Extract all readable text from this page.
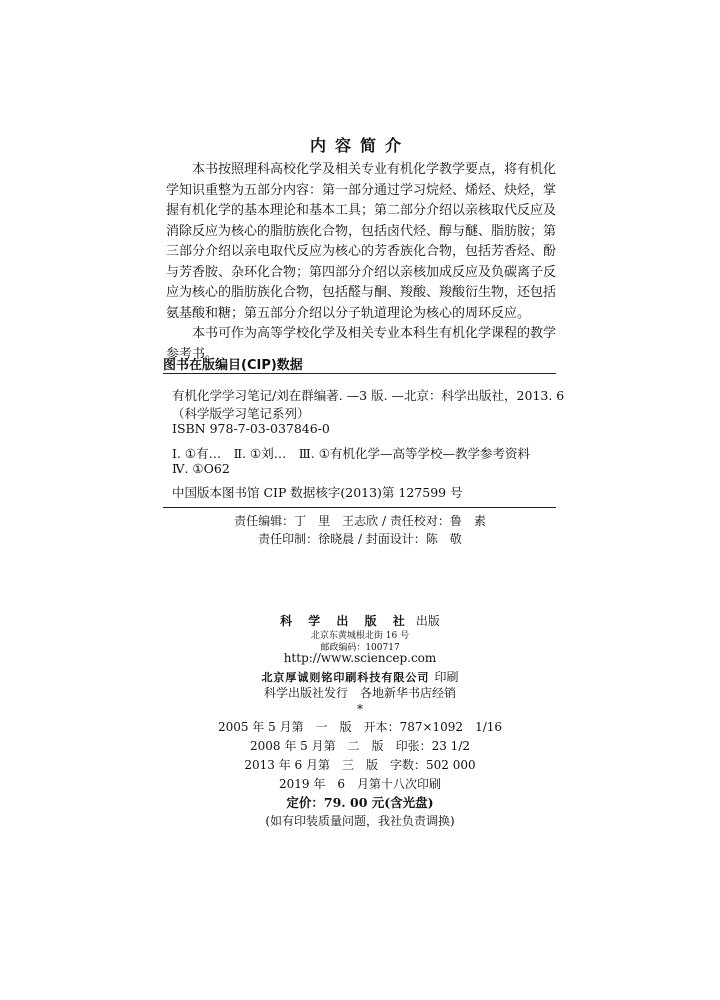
内容简介

本书按照理科高校化学及相关专业有机化学教学要点，将有机化学知识重整为五部分内容：第一部分通过学习烷烃、烯烃、炔烃，掌握有机化学的基本理论和基本工具；第二部分介绍以亲核取代反应及消除反应为核心的脂肪族化合物，包括卤代烃、醇与醚、脂肪胺；第三部分介绍以亲电取代反应为核心的芳香族化合物，包括芳香烃、酚与芳香胺、杂环化合物；第四部分介绍以亲核加成反应及负碳离子反应为核心的脂肪族化合物，包括醛与酮、羧酸、羧酸衍生物，还包括氨基酸和糖；第五部分介绍以分子轨道理论为核心的周环反应。

本书可作为高等学校化学及相关专业本科生有机化学课程的教学参考书。

图书在版编目(CIP)数据
有机化学学习笔记/刘在群编著. —3 版. —北京：科学出版社，2013. 6
（科学版学习笔记系列）
ISBN 978-7-03-037846-0
Ⅰ. ①有…　Ⅱ. ①刘…　Ⅲ. ①有机化学—高等学校—教学参考资料
Ⅳ. ①O62
中国版本图书馆 CIP 数据核字(2013)第 127599 号
责任编辑：丁　里　王志欣 / 责任校对：鲁　素
责任印制：徐晓晨 / 封面设计：陈　敬
科 学 出 版 社 出版
北京东黄城根北街 16 号
邮政编码：100717
http://www.sciencep.com
北京厚诚则铭印刷科技有限公司 印刷
科学出版社发行　各地新华书店经销
*
2005 年 5 月第　一　版　开本：787×1092　1/16
2008 年 5 月第　二　版　印张：23 1/2
2013 年 6 月第　三　版　字数：502 000
2019 年　6　月第十八次印刷
定价：79. 00 元(含光盘)
(如有印装质量问题，我社负责调换)
